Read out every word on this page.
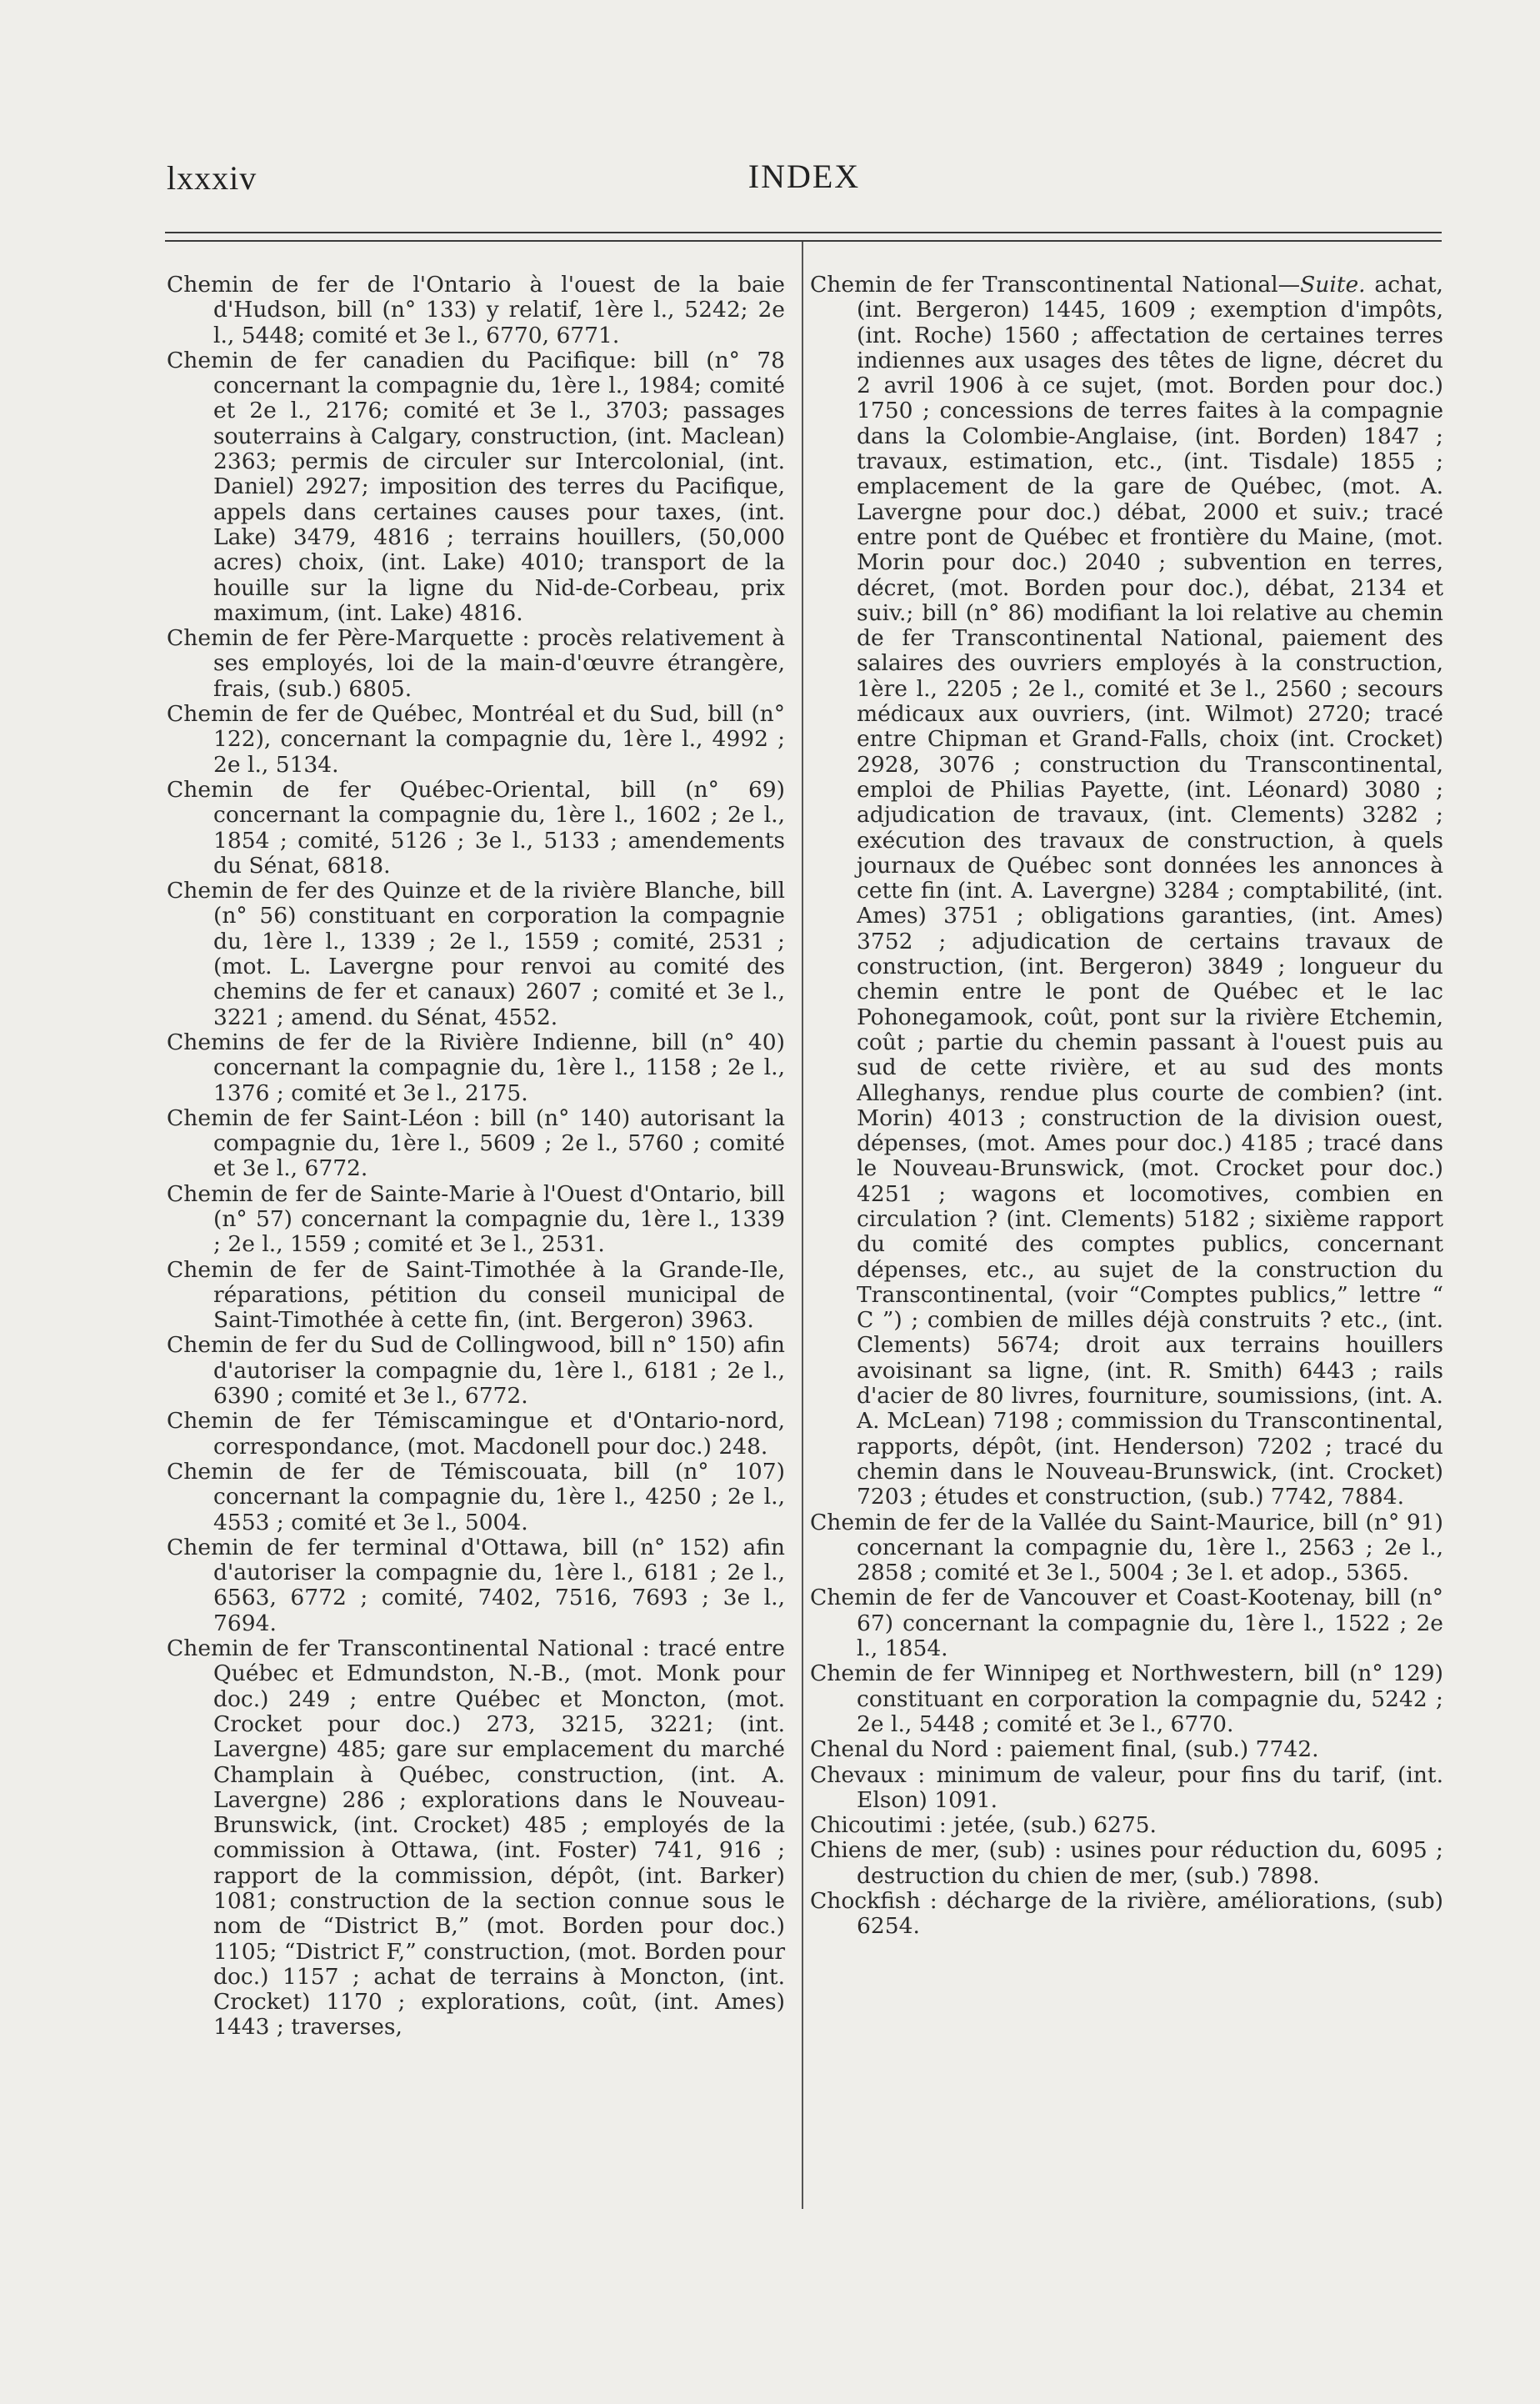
lxxxiv	INDEX

Chemin de fer de l'Ontario à l'ouest de la baie d'Hudson, bill (n° 133) y relatif, 1ère l., 5242; 2e l., 5448; comité et 3e l., 6770, 6771.

Chemin de fer canadien du Pacifique: bill (n° 78 concernant la compagnie du, 1ère l., 1984; comité et 2e l., 2176; comité et 3e l., 3703; passages souterrains à Calgary, construction, (int. Maclean) 2363; permis de circuler sur Intercolonial, (int. Daniel) 2927; imposition des terres du Pacifique, appels dans certaines causes pour taxes, (int. Lake) 3479, 4816 ; terrains houillers, (50,000 acres) choix, (int. Lake) 4010; transport de la houille sur la ligne du Nid-de-Corbeau, prix maximum, (int. Lake) 4816.

Chemin de fer Père-Marquette : procès relativement à ses employés, loi de la main-d'œuvre étrangère, frais, (sub.) 6805.

Chemin de fer de Québec, Montréal et du Sud, bill (n° 122), concernant la compagnie du, 1ère l., 4992 ; 2e l., 5134.

Chemin de fer Québec-Oriental, bill (n° 69) concernant la compagnie du, 1ère l., 1602 ; 2e l., 1854 ; comité, 5126 ; 3e l., 5133 ; amendements du Sénat, 6818.

Chemin de fer des Quinze et de la rivière Blanche, bill (n° 56) constituant en corporation la compagnie du, 1ère l., 1339 ; 2e l., 1559 ; comité, 2531 ; (mot. L. Lavergne pour renvoi au comité des chemins de fer et canaux) 2607 ; comité et 3e l., 3221 ; amend. du Sénat, 4552.

Chemins de fer de la Rivière Indienne, bill (n° 40) concernant la compagnie du, 1ère l., 1158 ; 2e l., 1376 ; comité et 3e l., 2175.

Chemin de fer Saint-Léon : bill (n° 140) autorisant la compagnie du, 1ère l., 5609 ; 2e l., 5760 ; comité et 3e l., 6772.

Chemin de fer de Sainte-Marie à l'Ouest d'Ontario, bill (n° 57) concernant la compagnie du, 1ère l., 1339 ; 2e l., 1559 ; comité et 3e l., 2531.

Chemin de fer de Saint-Timothée à la Grande-Ile, réparations, pétition du conseil municipal de Saint-Timothée à cette fin, (int. Bergeron) 3963.

Chemin de fer du Sud de Collingwood, bill n° 150) afin d'autoriser la compagnie du, 1ère l., 6181 ; 2e l., 6390 ; comité et 3e l., 6772.

Chemin de fer Témiscamingue et d'Ontario-nord, correspondance, (mot. Macdonell pour doc.) 248.

Chemin de fer de Témiscouata, bill (n° 107) concernant la compagnie du, 1ère l., 4250 ; 2e l., 4553 ; comité et 3e l., 5004.

Chemin de fer terminal d'Ottawa, bill (n° 152) afin d'autoriser la compagnie du, 1ère l., 6181 ; 2e l., 6563, 6772 ; comité, 7402, 7516, 7693 ; 3e l., 7694.

Chemin de fer Transcontinental National : tracé entre Québec et Edmundston, N.-B., (mot. Monk pour doc.) 249 ; entre Québec et Moncton, (mot. Crocket pour doc.) 273, 3215, 3221; (int. Lavergne) 485; gare sur emplacement du marché Champlain à Québec, construction, (int. A. Lavergne) 286 ; explorations dans le Nouveau-Brunswick, (int. Crocket) 485 ; employés de la commission à Ottawa, (int. Foster) 741, 916 ; rapport de la commission, dépôt, (int. Barker) 1081; construction de la section connue sous le nom de “District B,” (mot. Borden pour doc.) 1105; “District F,” construction, (mot. Borden pour doc.) 1157 ; achat de terrains à Moncton, (int. Crocket) 1170 ; explorations, coût, (int. Ames) 1443 ; traverses,

Chemin de fer Transcontinental National—Suite. achat, (int. Bergeron) 1445, 1609 ; exemption d'impôts, (int. Roche) 1560 ; affectation de certaines terres indiennes aux usages des têtes de ligne, décret du 2 avril 1906 à ce sujet, (mot. Borden pour doc.) 1750 ; concessions de terres faites à la compagnie dans la Colombie-Anglaise, (int. Borden) 1847 ; travaux, estimation, etc., (int. Tisdale) 1855 ; emplacement de la gare de Québec, (mot. A. Lavergne pour doc.) débat, 2000 et suiv.; tracé entre pont de Québec et frontière du Maine, (mot. Morin pour doc.) 2040 ; subvention en terres, décret, (mot. Borden pour doc.), débat, 2134 et suiv.; bill (n° 86) modifiant la loi relative au chemin de fer Transcontinental National, paiement des salaires des ouvriers employés à la construction, 1ère l., 2205 ; 2e l., comité et 3e l., 2560 ; secours médicaux aux ouvriers, (int. Wilmot) 2720; tracé entre Chipman et Grand-Falls, choix (int. Crocket) 2928, 3076 ; construction du Transcontinental, emploi de Philias Payette, (int. Léonard) 3080 ; adjudication de travaux, (int. Clements) 3282 ; exécution des travaux de construction, à quels journaux de Québec sont données les annonces à cette fin (int. A. Lavergne) 3284 ; comptabilité, (int. Ames) 3751 ; obligations garanties, (int. Ames) 3752 ; adjudication de certains travaux de construction, (int. Bergeron) 3849 ; longueur du chemin entre le pont de Québec et le lac Pohonegamook, coût, pont sur la rivière Etchemin, coût ; partie du chemin passant à l'ouest puis au sud de cette rivière, et au sud des monts Alleghanys, rendue plus courte de combien? (int. Morin) 4013 ; construction de la division ouest, dépenses, (mot. Ames pour doc.) 4185 ; tracé dans le Nouveau-Brunswick, (mot. Crocket pour doc.) 4251 ; wagons et locomotives, combien en circulation ? (int. Clements) 5182 ; sixième rapport du comité des comptes publics, concernant dépenses, etc., au sujet de la construction du Transcontinental, (voir “Comptes publics,” lettre “ C ”) ; combien de milles déjà construits ? etc., (int. Clements) 5674; droit aux terrains houillers avoisinant sa ligne, (int. R. Smith) 6443 ; rails d'acier de 80 livres, fourniture, soumissions, (int. A. A. McLean) 7198 ; commission du Transcontinental, rapports, dépôt, (int. Henderson) 7202 ; tracé du chemin dans le Nouveau-Brunswick, (int. Crocket) 7203 ; études et construction, (sub.) 7742, 7884.

Chemin de fer de la Vallée du Saint-Maurice, bill (n° 91) concernant la compagnie du, 1ère l., 2563 ; 2e l., 2858 ; comité et 3e l., 5004 ; 3e l. et adop., 5365.

Chemin de fer de Vancouver et Coast-Kootenay, bill (n° 67) concernant la compagnie du, 1ère l., 1522 ; 2e l., 1854.

Chemin de fer Winnipeg et Northwestern, bill (n° 129) constituant en corporation la compagnie du, 5242 ; 2e l., 5448 ; comité et 3e l., 6770.

Chenal du Nord : paiement final, (sub.) 7742.

Chevaux : minimum de valeur, pour fins du tarif, (int. Elson) 1091.

Chicoutimi : jetée, (sub.) 6275.

Chiens de mer, (sub) : usines pour réduction du, 6095 ; destruction du chien de mer, (sub.) 7898.

Chockfish : décharge de la rivière, améliorations, (sub) 6254.
